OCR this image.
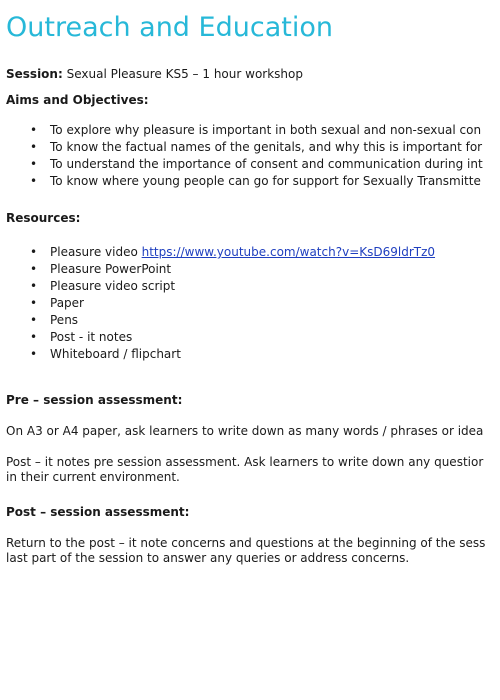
Outreach and Education
Session: Sexual Pleasure KS5 – 1 hour workshop
Aims and Objectives:
• To explore why pleasure is important in both sexual and non-sexual con
• To know the factual names of the genitals, and why this is important for
• To understand the importance of consent and communication during int
• To know where young people can go for support for Sexually Transmitte
Resources:
• Pleasure video https://www.youtube.com/watch?v=KsD69ldrTz0
• Pleasure PowerPoint
• Pleasure video script
• Paper
• Pens
• Post - it notes
• Whiteboard / flipchart
Pre – session assessment:

On A3 or A4 paper, ask learners to write down as many words / phrases or idea

Post – it notes pre session assessment. Ask learners to write down any questior
in their current environment.
Post – session assessment:
Return to the post – it note concerns and questions at the beginning of the sess
last part of the session to answer any queries or address concerns.
